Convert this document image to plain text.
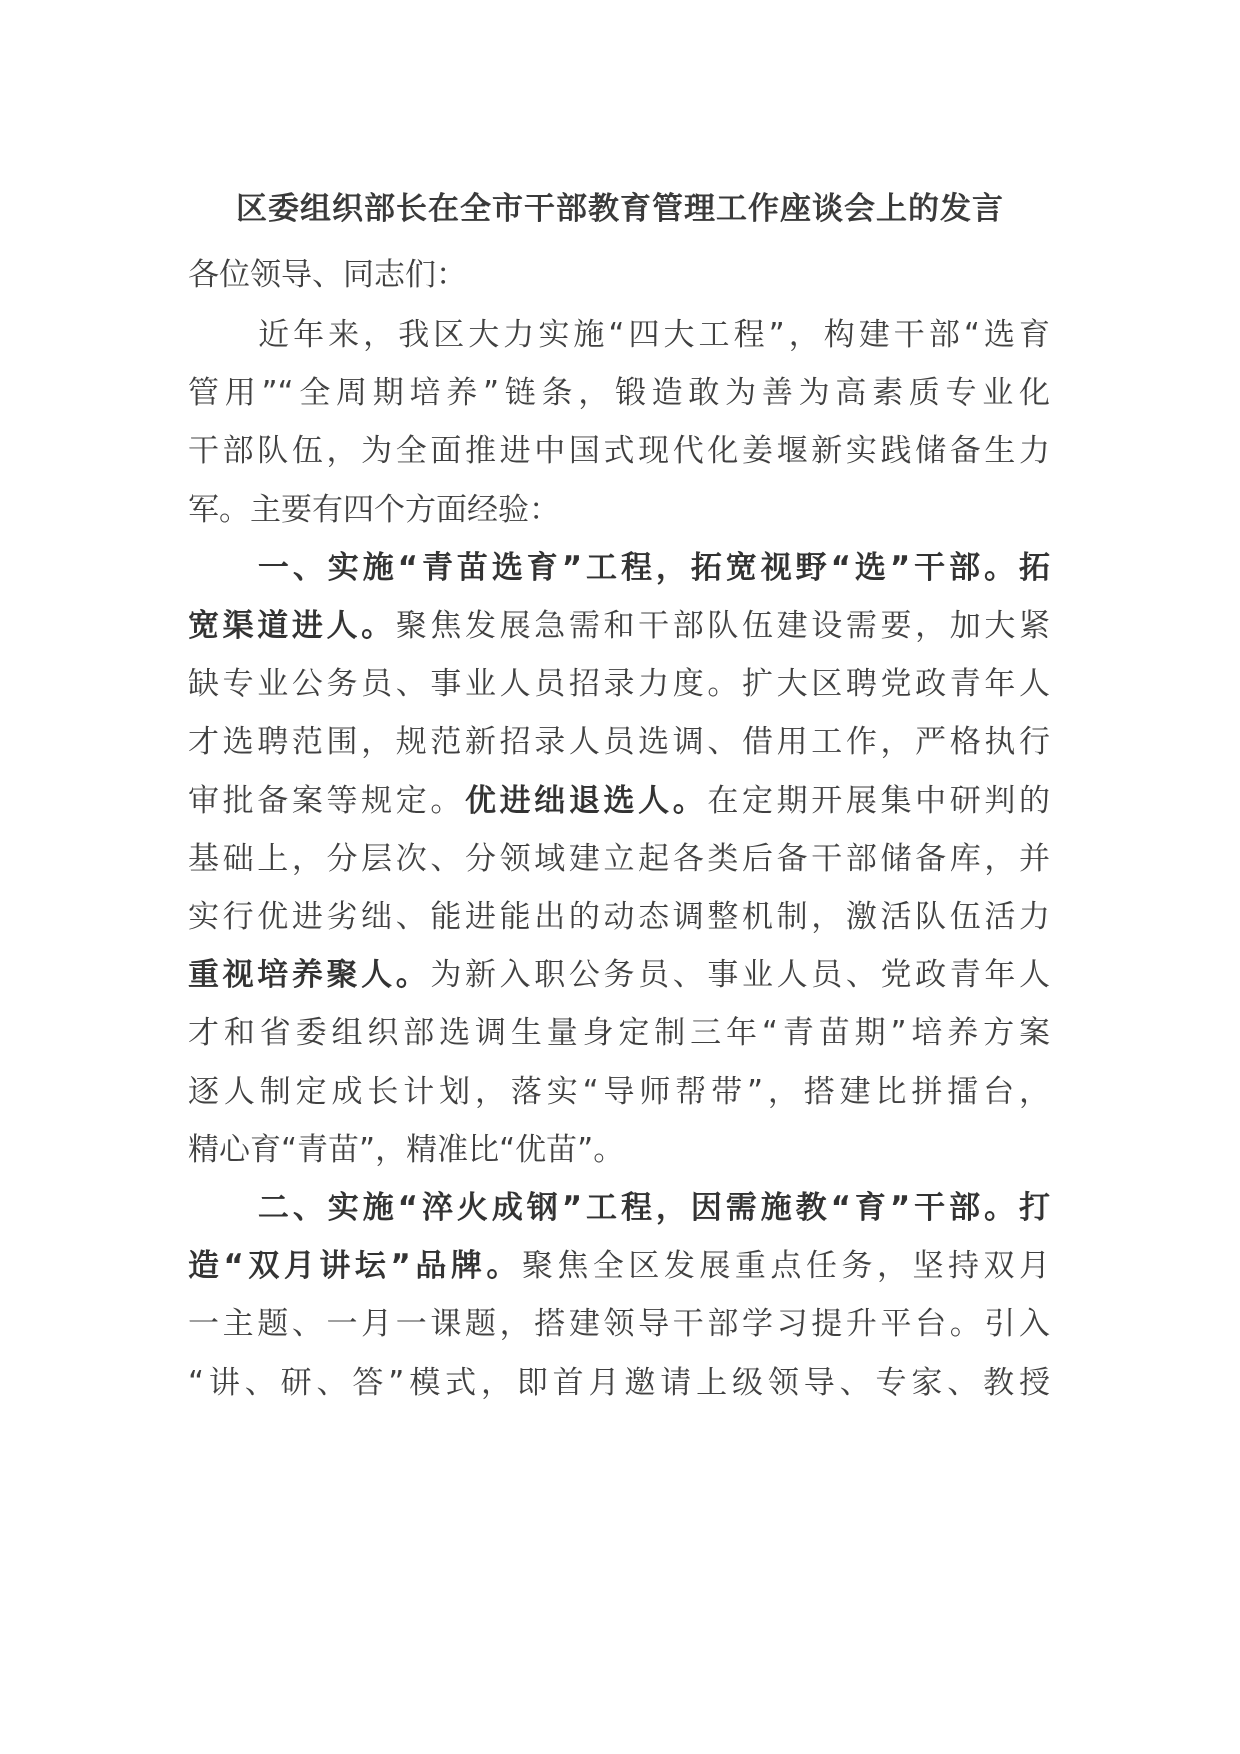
区委组织部长在全市干部教育管理工作座谈会上的发言
各位领导、同志们：
　　近年来，我区大力实施“四大工程”，构建干部“选育
管用”“全周期培养”链条，锻造敢为善为高素质专业化
干部队伍，为全面推进中国式现代化姜堰新实践储备生力
军。主要有四个方面经验：
　　一、实施“青苗选育”工程，拓宽视野“选”干部。拓
宽渠道进人。聚焦发展急需和干部队伍建设需要，加大紧
缺专业公务员、事业人员招录力度。扩大区聘党政青年人
才选聘范围，规范新招录人员选调、借用工作，严格执行
审批备案等规定。优进绌退选人。在定期开展集中研判的
基础上，分层次、分领域建立起各类后备干部储备库，并
实行优进劣绌、能进能出的动态调整机制，激活队伍活力
重视培养聚人。为新入职公务员、事业人员、党政青年人
才和省委组织部选调生量身定制三年“青苗期”培养方案
逐人制定成长计划，落实“导师帮带”，搭建比拼擂台，
精心育“青苗”，精准比“优苗”。
　　二、实施“淬火成钢”工程，因需施教“育”干部。打
造“双月讲坛”品牌。聚焦全区发展重点任务，坚持双月
一主题、一月一课题，搭建领导干部学习提升平台。引入
“讲、研、答”模式，即首月邀请上级领导、专家、教授
